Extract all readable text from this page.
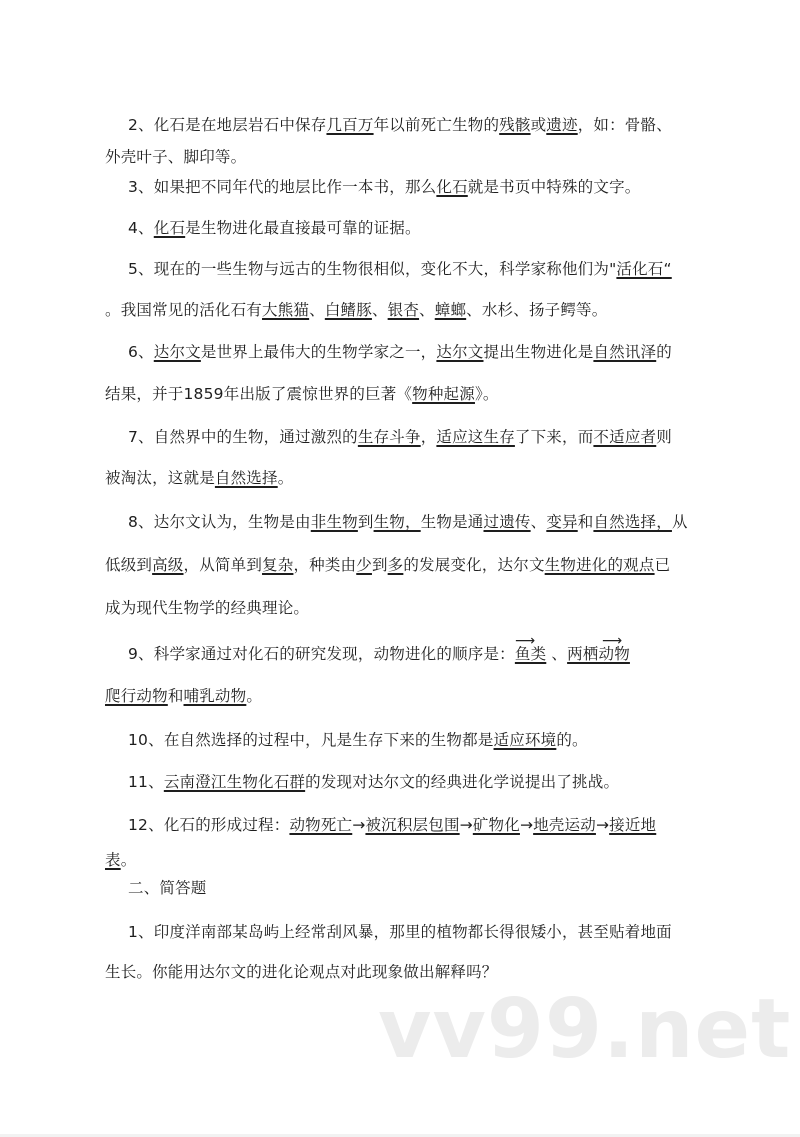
2、化石是在地层岩石中保存几百万年以前死亡生物的残骸或遗迹，如：骨骼、
外壳叶子、脚印等。
3、如果把不同年代的地层比作一本书，那么化石就是书页中特殊的文字。
4、化石是生物进化最直接最可靠的证据。
5、现在的一些生物与远古的生物很相似，变化不大，科学家称他们为"活化石“
。我国常见的活化石有大熊猫、白鳍豚、银杏、蟑螂、水杉、扬子鳄等。
6、达尔文是世界上最伟大的生物学家之一，达尔文提出生物进化是自然讯泽的
结果，并于1859年出版了震惊世界的巨著《物种起源》。
7、自然界中的生物，通过激烈的生存斗争，适应这生存了下来，而不适应者则
被淘汰，这就是自然选择。
8、达尔文认为，生物是由非生物到生物，生物是通过遗传、变异和自然选择，从
低级到高级，从简单到复杂，种类由少到多的发展变化，达尔文生物进化的观点已
成为现代生物学的经典理论。
9、科学家通过对化石的研究发现，动物进化的顺序是：鱼类 、两栖动物
爬行动物和哺乳动物。
10、在自然选择的过程中，凡是生存下来的生物都是适应环境的。
11、云南澄江生物化石群的发现对达尔文的经典进化学说提出了挑战。
12、化石的形成过程：动物死亡→被沉积层包围→矿物化→地壳运动→接近地
表。
二、简答题
1、印度洋南部某岛屿上经常刮风暴，那里的植物都长得很矮小，甚至贴着地面
生长。你能用达尔文的进化论观点对此现象做出解释吗？
⟶	⟶
vv99.net
